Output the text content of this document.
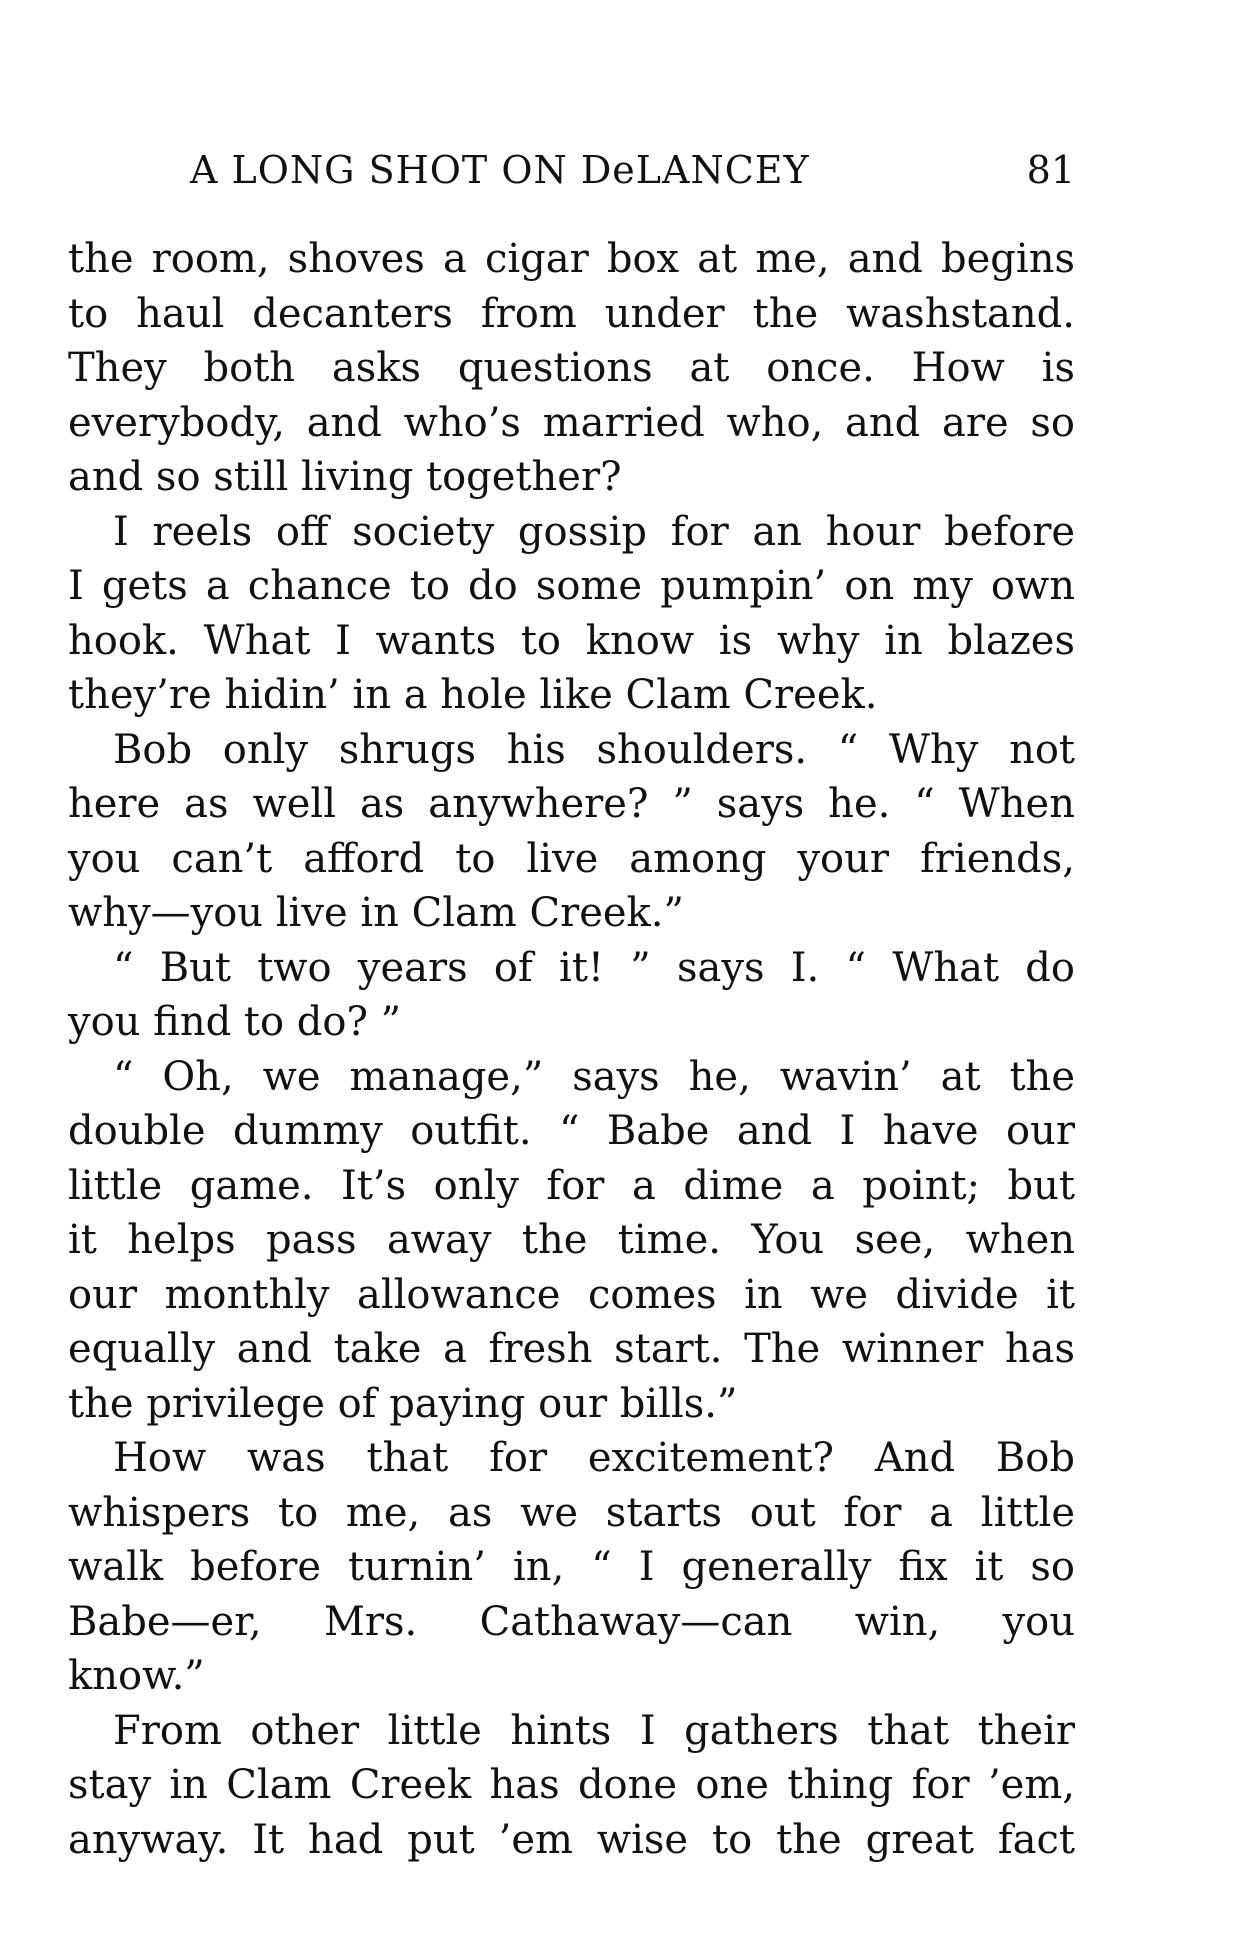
A LONG SHOT ON DeLANCEY	81
the room, shoves a cigar box at me, and begins
to haul decanters from under the washstand.
They both asks questions at once. How is
everybody, and who’s married who, and are so
and so still living together?
I reels off society gossip for an hour before
I gets a chance to do some pumpin’ on my own
hook. What I wants to know is why in blazes
they’re hidin’ in a hole like Clam Creek.
Bob only shrugs his shoulders. “ Why not
here as well as anywhere? ” says he. “ When
you can’t afford to live among your friends,
why—you live in Clam Creek.”
“ But two years of it! ” says I. “ What do
you find to do? ”
“ Oh, we manage,” says he, wavin’ at the
double dummy outfit. “ Babe and I have our
little game. It’s only for a dime a point; but
it helps pass away the time. You see, when
our monthly allowance comes in we divide it
equally and take a fresh start. The winner has
the privilege of paying our bills.”
How was that for excitement? And Bob
whispers to me, as we starts out for a little
walk before turnin’ in, “ I generally fix it so
Babe—er, Mrs. Cathaway—can win, you
know.”
From other little hints I gathers that their
stay in Clam Creek has done one thing for ’em,
anyway. It had put ’em wise to the great fact
